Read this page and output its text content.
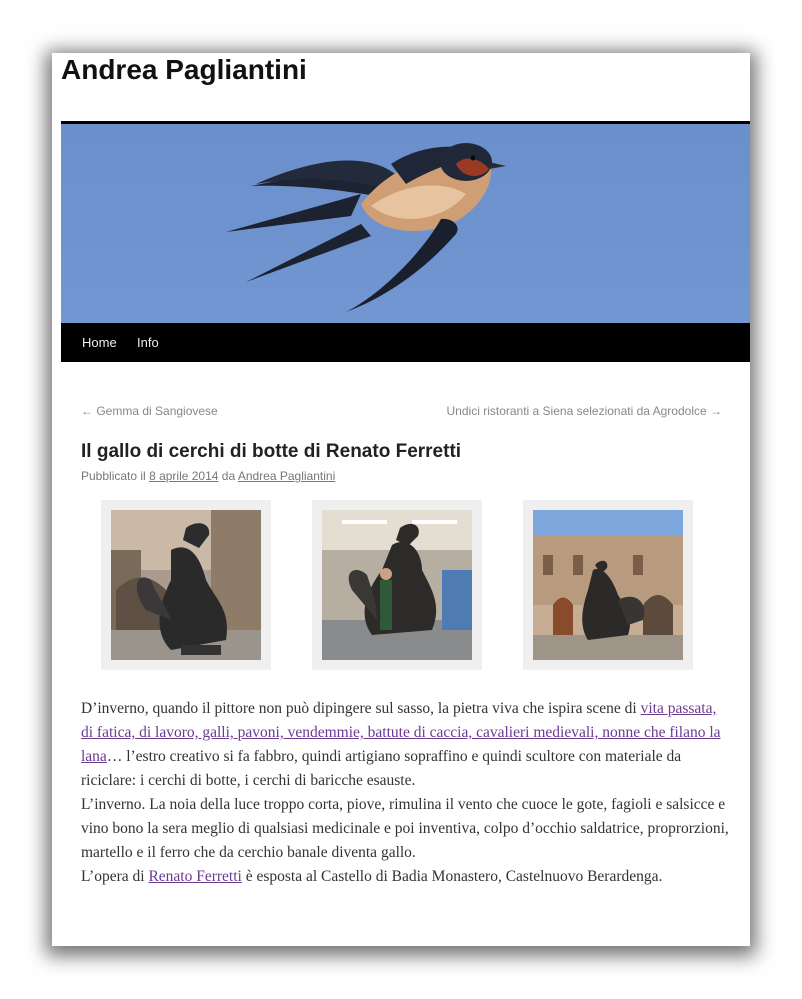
Andrea Pagliantini
Home Info
← Gemma di Sangiovese	Undici ristoranti a Siena selezionati da Agrodolce →
Il gallo di cerchi di botte di Renato Ferretti
Pubblicato il 8 aprile 2014 da Andrea Pagliantini

D’inverno, quando il pittore non può dipingere sul sasso, la pietra viva che ispira scene di vita passata, di fatica, di lavoro, galli, pavoni, vendemmie, battute di caccia, cavalieri medievali, nonne che filano la lana… l’estro creativo si fa fabbro, quindi artigiano sopraffino e quindi scultore con materiale da riciclare: i cerchi di botte, i cerchi di baricche esauste.

L’inverno. La noia della luce troppo corta, piove, rimulina il vento che cuoce le gote, fagioli e salsicce e vino bono la sera meglio di qualsiasi medicinale e poi inventiva, colpo d’occhio saldatrice, proprorzioni, martello e il ferro che da cerchio banale diventa gallo.

L’opera di Renato Ferretti è esposta al Castello di Badia Monastero, Castelnuovo Berardenga.
